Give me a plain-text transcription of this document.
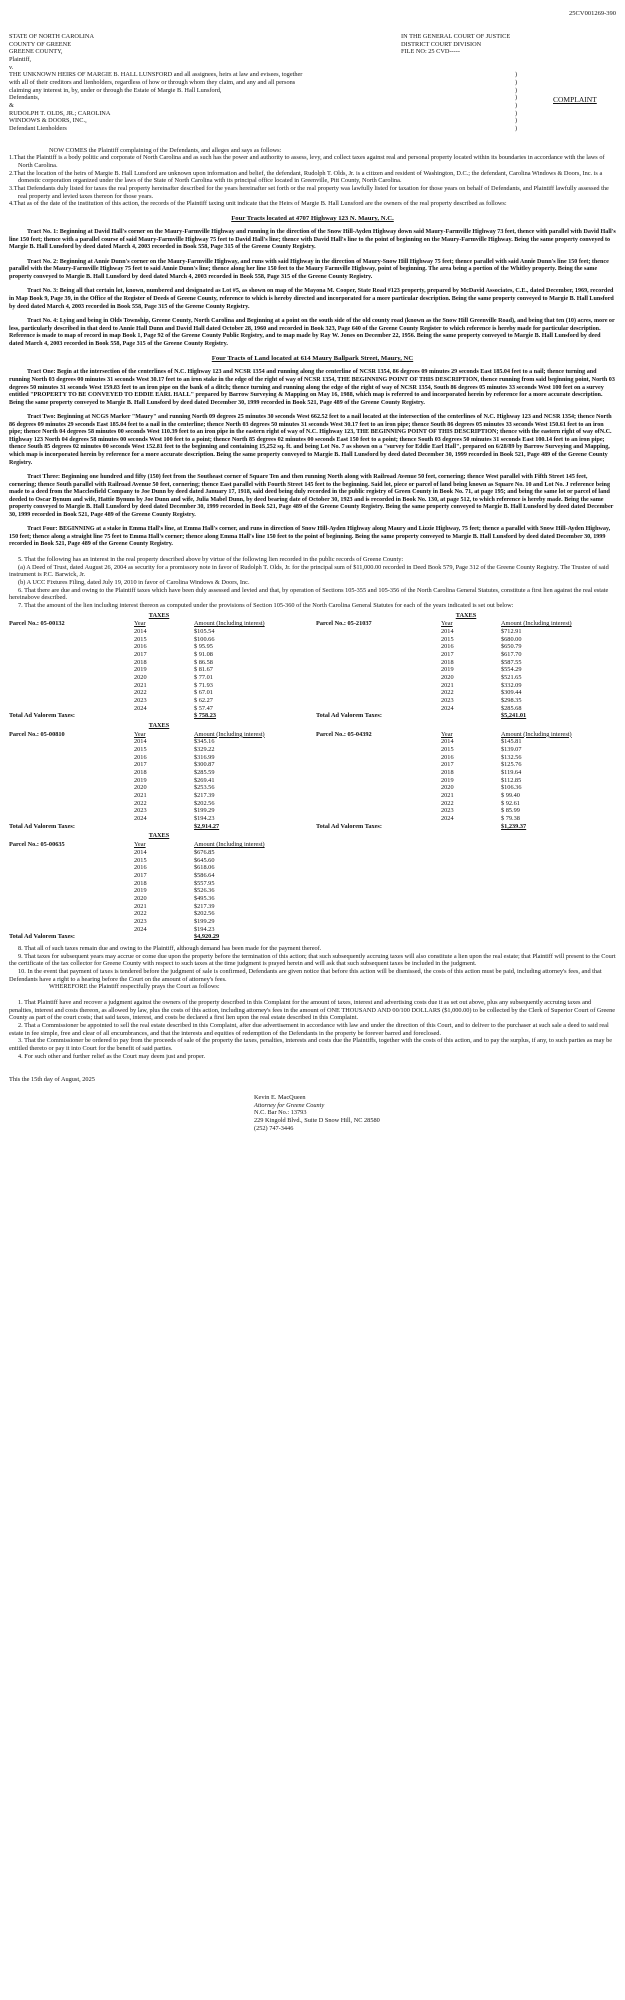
25CV001269-390
STATE OF NORTH CAROLINA
COUNTY OF GREENE
GREENE COUNTY,
Plaintiff,
v.
IN THE GENERAL COURT OF JUSTICE
DISTRICT COURT DIVISION
FILE NO: 25 CVD-----
THE UNKNOWN HEIRS OF MARGIE B. HALL LUNSFORD and all assignees, heirs at law and evisees, together	)
with all of their creditors and lienholders, regardless of how or through whom they claim, and any and all persons	)
claiming any interest in, by, under or through the Estate of Margie B. Hall Lunsford,	)
Defendants,	)
&	)
RUDOLPH T. OLDS, JR.; CAROLINA	)
WINDOWS & DOORS, INC.,	)
Defendant Lienholders	)
COMPLAINT

NOW COMES the Plaintiff complaining of the Defendants, and alleges and says as follows:

1.That the Plaintiff is a body politic and corporate of North Carolina and as such has the power and authority to assess, levy, and collect taxes against real and personal property located within its boundaries in accordance with the laws of North Carolina.

2.That the location of the heirs of Margie B. Hall Lunsford are unknown upon information and belief, the defendant, Rudolph T. Olds, Jr. is a citizen and resident of Washington, D.C.; the defendant, Carolina Windows & Doors, Inc. is a domestic corporation organized under the laws of the State of North Carolina with its principal office located in Greenville, Pitt County, North Carolina.

3.That Defendants duly listed for taxes the real property hereinafter described for the years hereinafter set forth or the real property was lawfully listed for taxation for those years on behalf of Defendants, and Plaintiff lawfully assessed the real property and levied taxes thereon for those years.

4.That as of the date of the institution of this action, the records of the Plaintiff taxing unit indicate that the Heirs of Margie B. Hall Lunsford are the owners of the real property described as follows:

Four Tracts located at 4707 Highway 123 N. Maury, N.C.

Tract No. 1: Beginning at David Hall's corner on the Maury-Farmville Highway and running in the direction of the Snow Hill-Ayden Highway down said Maury-Farmville Highway 73 feet, thence with parallel with David Hall's line 150 feet; thence with a parallel course of said Maury-Farmville Highway 75 feet to David Hall's line; thence with David Hall's line to the point of beginning on the Maury-Farmville Highway. Being the same property conveyed to Margie B. Hall Lunsford by deed dated March 4, 2003 recorded in Book 558, Page 315 of the Greene County Registry.

Tract No. 2: Beginning at Annie Dunn's corner on the Maury-Farmville Highway, and runs with said Highway in the direction of Maury-Snow Hill Highway 75 feet; thence parallel with said Annie Dunn's line 150 feet; thence parallel with the Maury-Farmville Highway 75 feet to said Annie Dunn's line; thence along her line 150 feet to the Maury Farmville Highway, point of beginning. The area being a portion of the Whitley property. Being the same property conveyed to Margie B. Hall Lunsford by deed dated March 4, 2003 recorded in Book 558, Page 315 of the Greene County Registry.

Tract No. 3: Being all that certain lot, known, numbered and designated as Lot #5, as shown on map of the Mayona M. Cooper, State Road #123 property, prepared by McDavid Associates, C.E., dated December, 1969, recorded in Map Book 9, Page 39, in the Office of the Register of Deeds of Greene County, reference to which is hereby directed and incorporated for a more particular description. Being the same property conveyed to Margie B. Hall Lunsford by deed dated March 4, 2003 recorded in Book 558, Page 315 of the Greene County Registry.

Tract No. 4: Lying and being in Olds Township, Greene County, North Carolina and Beginning at a point on the south side of the old county road (known as the Snow Hill Greenville Road), and being that ten (10) acres, more or less, particularly described in that deed to Annie Hall Dunn and David Hall dated October 28, 1960 and recorded in Book 323, Page 640 of the Greene County Register to which reference is hereby made for particular description. Reference is made to map of record in map Book 1, Page 92 of the Greene County Public Registry, and to map made by Ray W. Jones on December 22, 1956. Being the same property conveyed to Margie B. Hall Lunsford by deed dated March 4, 2003 recorded in Book 558, Page 315 of the Greene County Registry.

Four Tracts of Land located at 614 Maury Ballpark Street, Maury, NC

Tract One: Begin at the intersection of the centerlines of N.C. Highway 123 and NCSR 1354 and running along the centerline of NCSR 1354, 86 degrees 09 minutes 29 seconds East 185.04 feet to a nail; thence turning and running North 03 degrees 00 minutes 31 seconds West 30.17 feet to an iron stake in the edge of the right of way of NCSR 1354, THE BEGINNING POINT OF THIS DESCRIPTION, thence running from said beginning point, North 03 degrees 50 minutes 31 seconds West 159.83 feet to an iron pipe on the bank of a ditch; thence turning and running along the edge of the right of way of NCSR 1354, South 86 degrees 05 minutes 33 seconds West 100 feet on a survey entitled "PROPERTY TO BE CONVEYED TO EDDIE EARL HALL" prepared by Barrow Surveying & Mapping on May 16, 1988, which map is referred to and incorporated herein by reference for a more accurate description. Being the same property conveyed to Margie B. Hall Lunsford by deed dated December 30, 1999 recorded in Book 521, Page 489 of the Greene County Registry.

Tract Two: Beginning at NCGS Marker "Maury" and running North 09 degrees 25 minutes 30 seconds West 662.52 feet to a nail located at the intersection of the centerlines of N.C. Highway 123 and NCSR 1354; thence North 86 degrees 09 minutes 29 seconds East 185.04 feet to a nail in the centerline; thence North 03 degrees 50 minutes 31 seconds West 30.17 feet to an iron pipe; thence South 86 degrees 05 minutes 33 seconds West 150.61 feet to an iron pipe; thence North 04 degrees 58 minutes 00 seconds West 110.39 feet to an iron pipe in the eastern right of way of N.C. Highway 123, THE BEGINNING POINT OF THIS DESCRIPTION; thence with the eastern right of way ofN.C. Highway 123 North 04 degrees 58 minutes 00 seconds West 100 feet to a point; thence North 85 degrees 02 minutes 00 seconds East 150 feet to a point; thence South 03 degrees 50 minutes 31 seconds East 100.14 feet to an iron pipe; thence South 85 degrees 02 minutes 00 seconds West 152.81 feet to the beginning and containing 15,252 sq. ft. and being Lot No. 7 as shown on a "survey for Eddie Earl Hall", prepared on 6/28/89 by Barrow Surveying and Mapping, which map is incorporated herein by reference for a more accurate description. Being the same property conveyed to Margie B. Hall Lunsford by deed dated December 30, 1999 recorded in Book 521, Page 489 of the Greene County Registry.

Tract Three: Beginning one hundred and fifty (150) feet from the Southeast corner of Square Ten and then running North along with Railroad Avenue 50 feet, cornering; thence West parallel with Fifth Street 145 feet, cornering; thence South parallel with Railroad Avenue 50 feet, cornering; thence East parallel with Fourth Street 145 feet to the beginning. Said lot, piece or parcel of land being known as Square No. 10 and Lot No. J reference being made to a deed from the Macclesfield Company to Joe Dunn by deed dated January 17, 1918, said deed being duly recorded in the public registry of Green County in Book No. 71, at page 195; and being the same lot or parcel of land deeded to Oscar Bynum and wife, Hattie Bynum by Joe Dunn and wife, Julia Mabel Dunn, by deed bearing date of October 30, 1923 and is recorded in Book No. 130, at page 512, to which reference is hereby made. Being the same property conveyed to Margie B. Hall Lunsford by deed dated December 30, 1999 recorded in Book 521, Page 489 of the Greene County Registry. Being the same property conveyed to Margie B. Hall Lunsford by deed dated December 30, 1999 recorded in Book 521, Page 489 of the Greene County Registry.

Tract Four: BEGINNING at a stake in Emma Hall's line, at Emma Hall's corner, and runs in direction of Snow Hill-Ayden Highway along Maury and Lizzie Highway, 75 feet; thence a parallel with Snow Hill-Ayden Highway, 150 feet; thence along a straight line 75 feet to Emma Hall's corner; thence along Emma Hall's line 150 feet to the point of beginning. Being the same property conveyed to Margie B. Hall Lunsford by deed dated December 30, 1999 recorded in Book 521, Page 489 of the Greene County Registry.

5. That the following has an interest in the real property described above by virtue of the following lien recorded in the public records of Greene County:

(a) A Deed of Trust, dated August 26, 2004 as security for a promissory note in favor of Rudolph T. Olds, Jr. for the principal sum of $11,000.00 recorded in Deed Book 579, Page 312 of the Greene County Registry. The Trustee of said instrument is P.C. Barwick, Jr.

(b) A UCC Fixtures Filing, dated July 19, 2010 in favor of Carolina Windows & Doors, Inc.

6. That there are due and owing to the Plaintiff taxes which have been duly assessed and levied and that, by operation of Sections 105-355 and 105-356 of the North Carolina General Statutes, constitute a first lien against the real estate hereinabove described.

7. That the amount of the lien including interest thereon as computed under the provisions of Section 105-360 of the North Carolina General Statutes for each of the years indicated is set out below:

TAXES	TAXES
Parcel No.: 05-00132	Year	Amount (Including interest)
2014	$105.54
2015	$100.66
2016	$ 95.95
2017	$ 91.08
2018	$ 86.58
2019	$ 81.67
2020	$ 77.01
2021	$ 71.93
2022	$ 67.01
2023	$ 62.27
2024	$ 57.47
Total Ad Valorem Taxes:	$ 758.23
Parcel No.: 05-21037	Year	Amount (Including interest)
2014	$712.91
2015	$680.00
2016	$650.79
2017	$617.70
2018	$587.55
2019	$554.29
2020	$521.65
2021	$332.09
2022	$309.44
2023	$298.35
2024	$285.68
Total Ad Valorem Taxes:	$5,241.01
TAXES
Parcel No.: 05-00810	Year	Amount (Including interest)
2014	$345.16
2015	$329.22
2016	$316.99
2017	$300.87
2018	$285.59
2019	$269.41
2020	$253.56
2021	$217.39
2022	$202.56
2023	$199.29
2024	$194.23
Total Ad Valorem Taxes:	$2,914.27
Parcel No.: 05-04392	Year	Amount (Including interest)
2014	$145.81
2015	$139.07
2016	$132.56
2017	$125.76
2018	$119.64
2019	$112.85
2020	$106.36
2021	$ 99.40
2022	$ 92.61
2023	$ 85.99
2024	$ 79.38
Total Ad Valorem Taxes:	$1,239.37
TAXES
Parcel No.: 05-00635	Year	Amount (Including interest)
2014	$676.85
2015	$645.60
2016	$618.06
2017	$586.64
2018	$557.95
2019	$526.36
2020	$495.36
2021	$217.39
2022	$202.56
2023	$199.29
2024	$194.23
Total Ad Valorem Taxes:	$4,920.29

8. That all of such taxes remain due and owing to the Plaintiff, although demand has been made for the payment thereof.

9. That taxes for subsequent years may accrue or come due upon the property before the termination of this action; that such subsequently accruing taxes will also constitute a lien upon the real estate; that Plaintiff will present to the Court the certificate of the tax collector for Greene County with respect to such taxes at the time judgment is prayed herein and will ask that such subsequent taxes be included in the judgment.

10. In the event that payment of taxes is tendered before the judgment of sale is confirmed, Defendants are given notice that before this action will be dismissed, the costs of this action must be paid, including attorney's fees, and that Defendants have a right to a hearing before the Court on the amount of attorney's fees.

WHEREFORE the Plaintiff respectfully prays the Court as follows:

1. That Plaintiff have and recover a judgment against the owners of the property described in this Complaint for the amount of taxes, interest and advertising costs due it as set out above, plus any subsequently accruing taxes and penalties, interest and costs thereon, as allowed by law, plus the costs of this action, including attorney's fees in the amount of ONE THOUSAND AND 00/100 DOLLARS ($1,000.00) to be collected by the Clerk of Superior Court of Greene County as part of the court costs; that said taxes, interest, and costs be declared a first lien upon the real estate described in this Complaint.

2. That a Commissioner be appointed to sell the real estate described in this Complaint, after due advertisement in accordance with law and under the direction of this Court, and to deliver to the purchaser at such sale a deed to said real estate in fee simple, free and clear of all encumbrances, and that the interests and equities of redemption of the Defendants in the property be forever barred and foreclosed.

3. That the Commissioner be ordered to pay from the proceeds of sale of the property the taxes, penalties, interests and costs due the Plaintiffs, together with the costs of this action, and to pay the surplus, if any, to such parties as may be entitled thereto or pay it into Court for the benefit of said parties.

4. For such other and further relief as the Court may deem just and proper.

This the 15th day of August, 2025
Kevin E. MacQueen
Attorney for Greene County
N.C. Bar No.: 13793
229 Kingold Blvd., Suite D Snow Hill, NC 28580
(252) 747-3446
